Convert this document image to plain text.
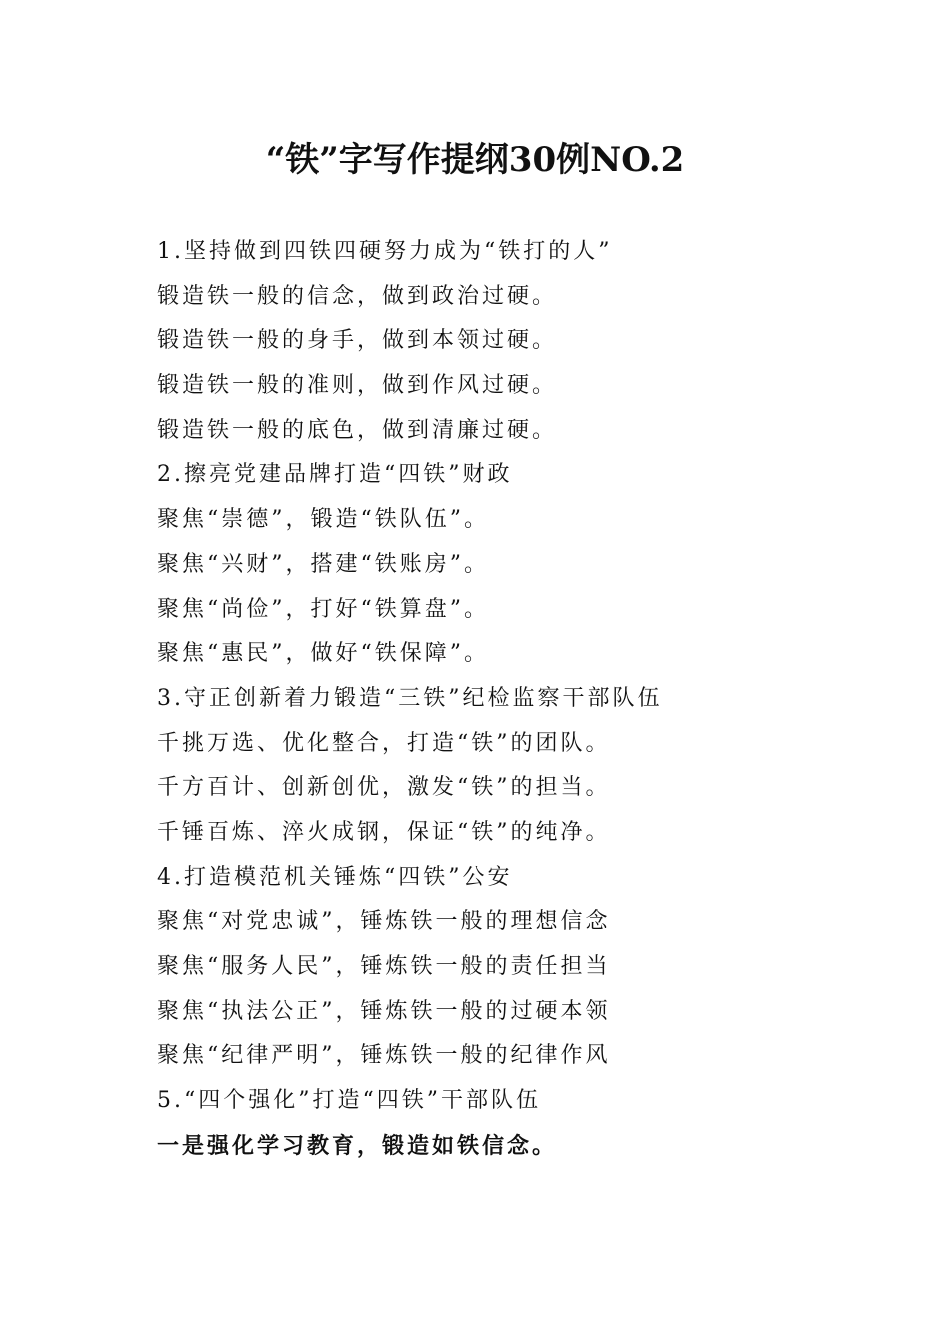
“铁”字写作提纲30例NO.2

1.坚持做到四铁四硬努力成为“铁打的人”

锻造铁一般的信念，做到政治过硬。

锻造铁一般的身手，做到本领过硬。

锻造铁一般的准则，做到作风过硬。

锻造铁一般的底色，做到清廉过硬。

2.擦亮党建品牌打造“四铁”财政

聚焦“崇德”，锻造“铁队伍”。

聚焦“兴财”，搭建“铁账房”。

聚焦“尚俭”，打好“铁算盘”。

聚焦“惠民”，做好“铁保障”。

3.守正创新着力锻造“三铁”纪检监察干部队伍

千挑万选、优化整合，打造“铁”的团队。

千方百计、创新创优，激发“铁”的担当。

千锤百炼、淬火成钢，保证“铁”的纯净。

4.打造模范机关锤炼“四铁”公安

聚焦“对党忠诚”，锤炼铁一般的理想信念

聚焦“服务人民”，锤炼铁一般的责任担当

聚焦“执法公正”，锤炼铁一般的过硬本领

聚焦“纪律严明”，锤炼铁一般的纪律作风

5.“四个强化”打造“四铁”干部队伍

一是强化学习教育，锻造如铁信念。
